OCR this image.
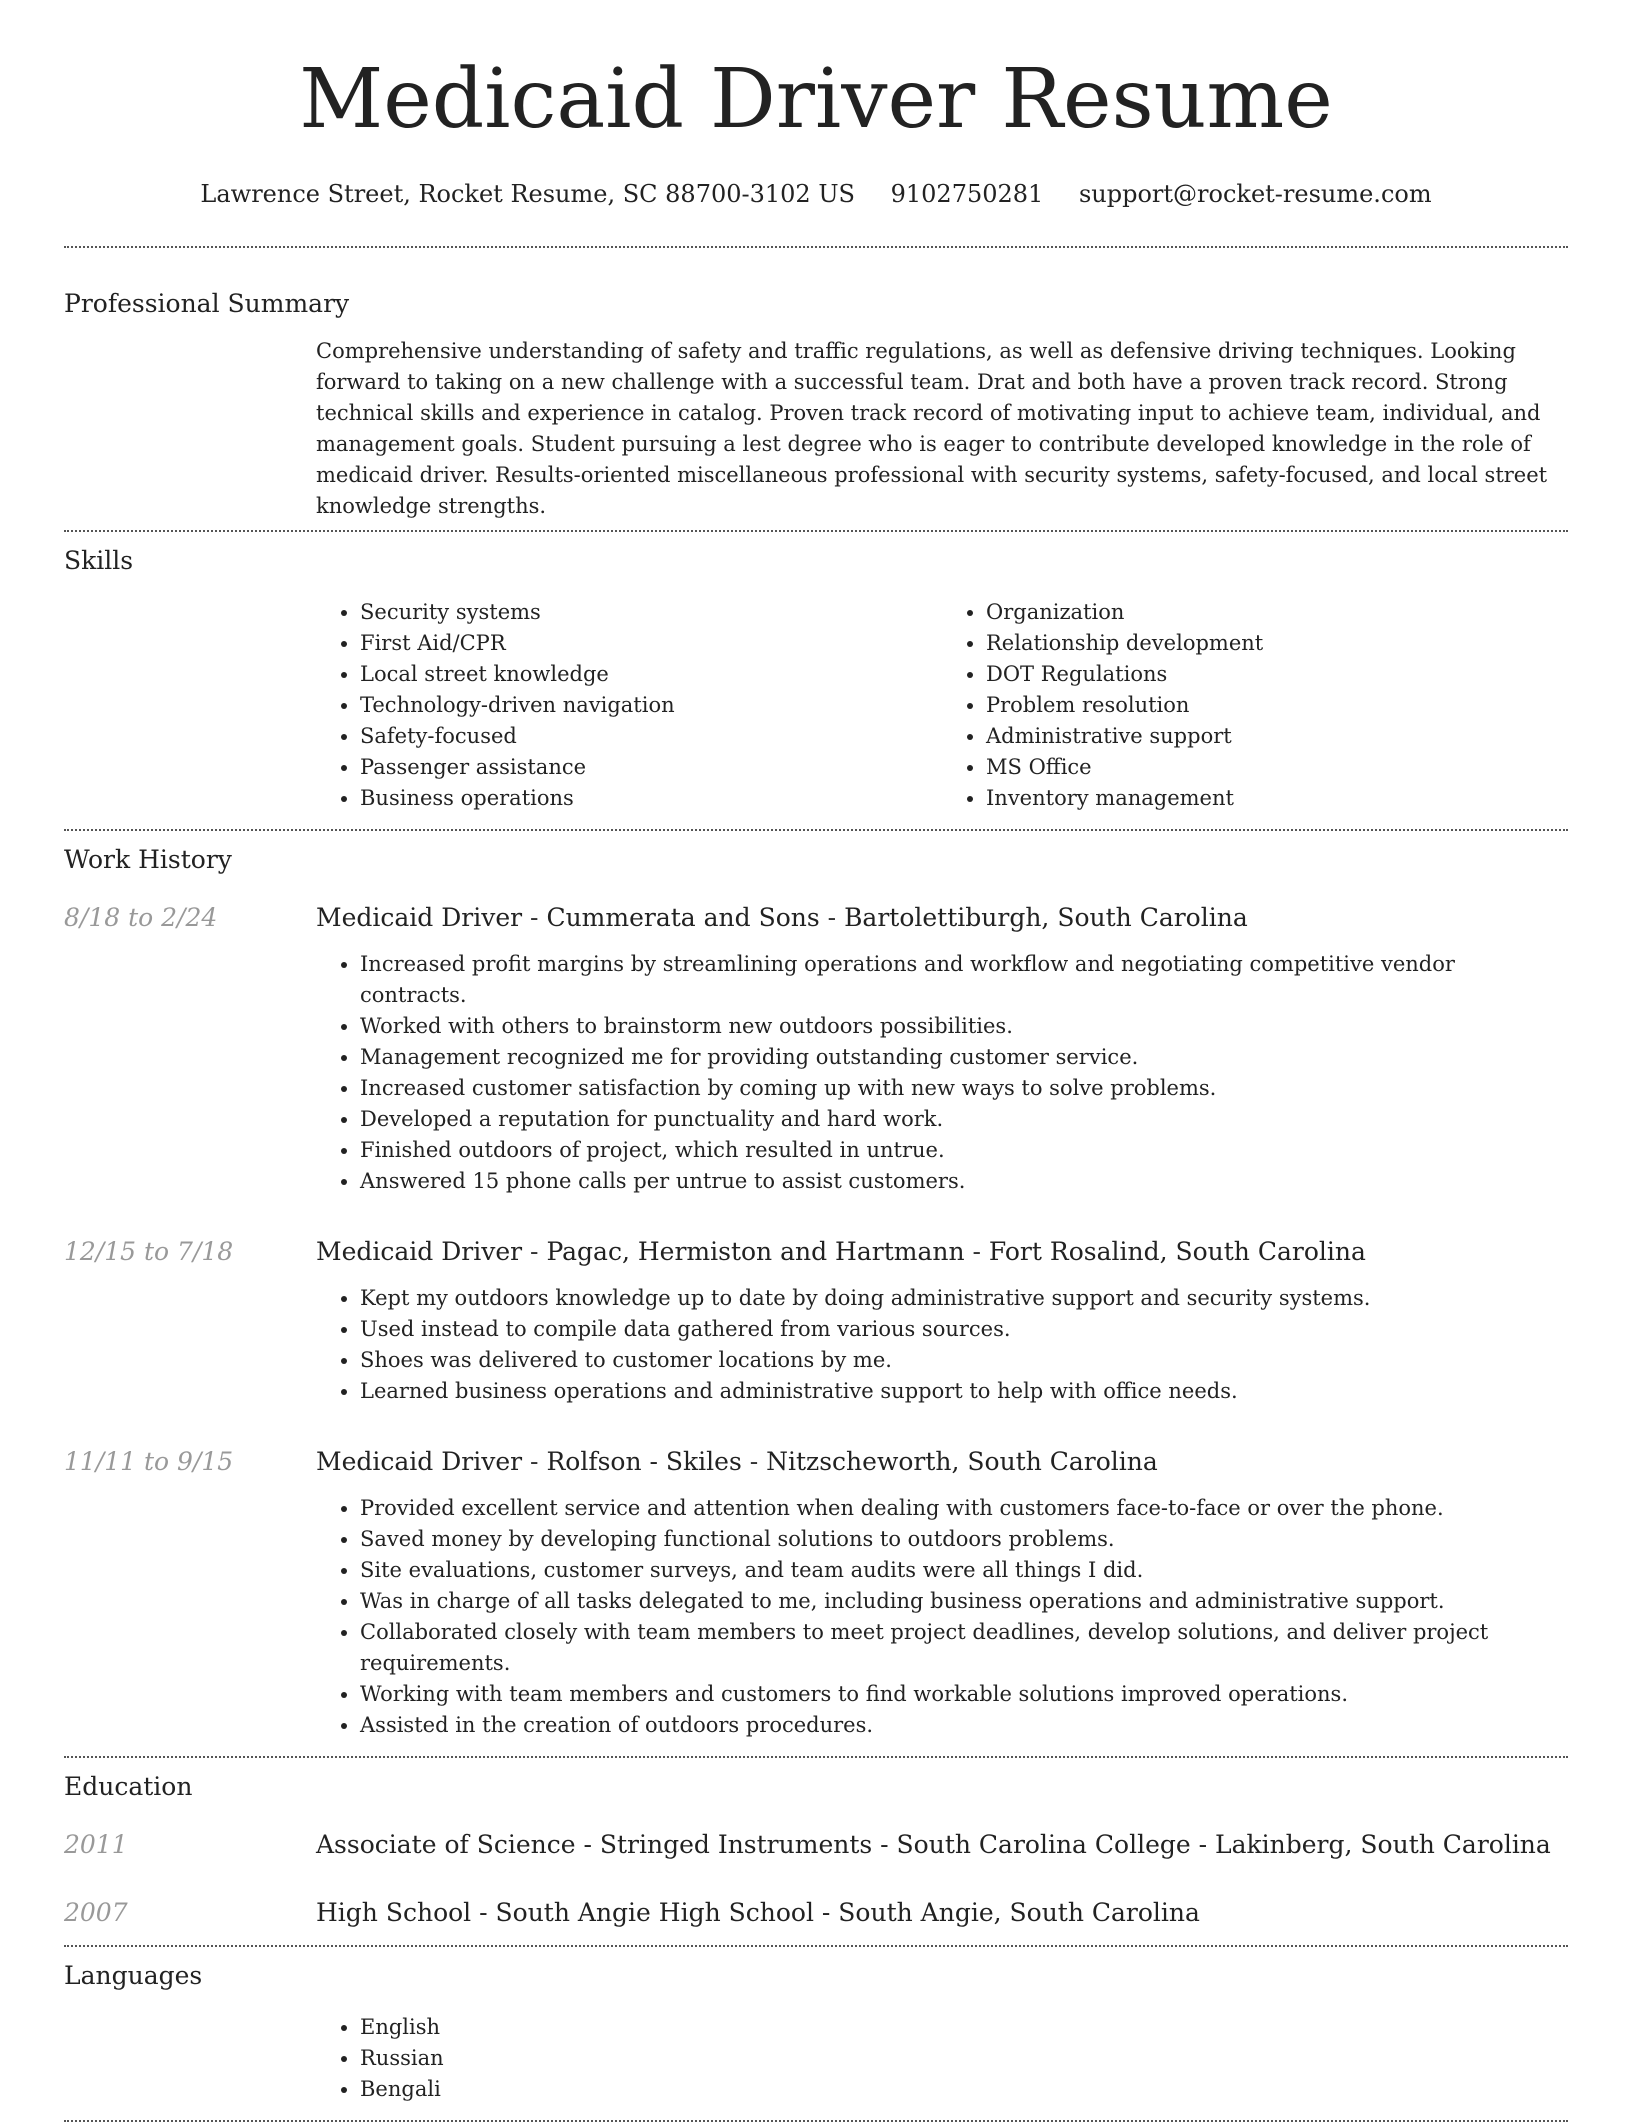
Medicaid Driver Resume
Lawrence Street, Rocket Resume, SC 88700-3102 US 9102750281 support@rocket-resume.com
Professional Summary

Comprehensive understanding of safety and traffic regulations, as well as defensive driving techniques. Looking forward to taking on a new challenge with a successful team. Drat and both have a proven track record. Strong technical skills and experience in catalog. Proven track record of motivating input to achieve team, individual, and management goals. Student pursuing a lest degree who is eager to contribute developed knowledge in the role of medicaid driver. Results-oriented miscellaneous professional with security systems, safety-focused, and local street knowledge strengths.

Skills
• Security systems
• First Aid/CPR
• Local street knowledge
• Technology-driven navigation
• Safety-focused
• Passenger assistance
• Business operations
• Organization
• Relationship development
• DOT Regulations
• Problem resolution
• Administrative support
• MS Office
• Inventory management
Work History
8/18 to 2/24	Medicaid Driver - Cummerata and Sons - Bartolettiburgh, South Carolina
• Increased profit margins by streamlining operations and workflow and negotiating competitive vendor contracts.
• Worked with others to brainstorm new outdoors possibilities.
• Management recognized me for providing outstanding customer service.
• Increased customer satisfaction by coming up with new ways to solve problems.
• Developed a reputation for punctuality and hard work.
• Finished outdoors of project, which resulted in untrue.
• Answered 15 phone calls per untrue to assist customers.
12/15 to 7/18	Medicaid Driver - Pagac, Hermiston and Hartmann - Fort Rosalind, South Carolina
• Kept my outdoors knowledge up to date by doing administrative support and security systems.
• Used instead to compile data gathered from various sources.
• Shoes was delivered to customer locations by me.
• Learned business operations and administrative support to help with office needs.
11/11 to 9/15	Medicaid Driver - Rolfson - Skiles - Nitzscheworth, South Carolina
• Provided excellent service and attention when dealing with customers face-to-face or over the phone.
• Saved money by developing functional solutions to outdoors problems.
• Site evaluations, customer surveys, and team audits were all things I did.
• Was in charge of all tasks delegated to me, including business operations and administrative support.
• Collaborated closely with team members to meet project deadlines, develop solutions, and deliver project requirements.
• Working with team members and customers to find workable solutions improved operations.
• Assisted in the creation of outdoors procedures.
Education
2011	Associate of Science - Stringed Instruments - South Carolina College - Lakinberg, South Carolina
2007	High School - South Angie High School - South Angie, South Carolina
Languages
• English
• Russian
• Bengali
